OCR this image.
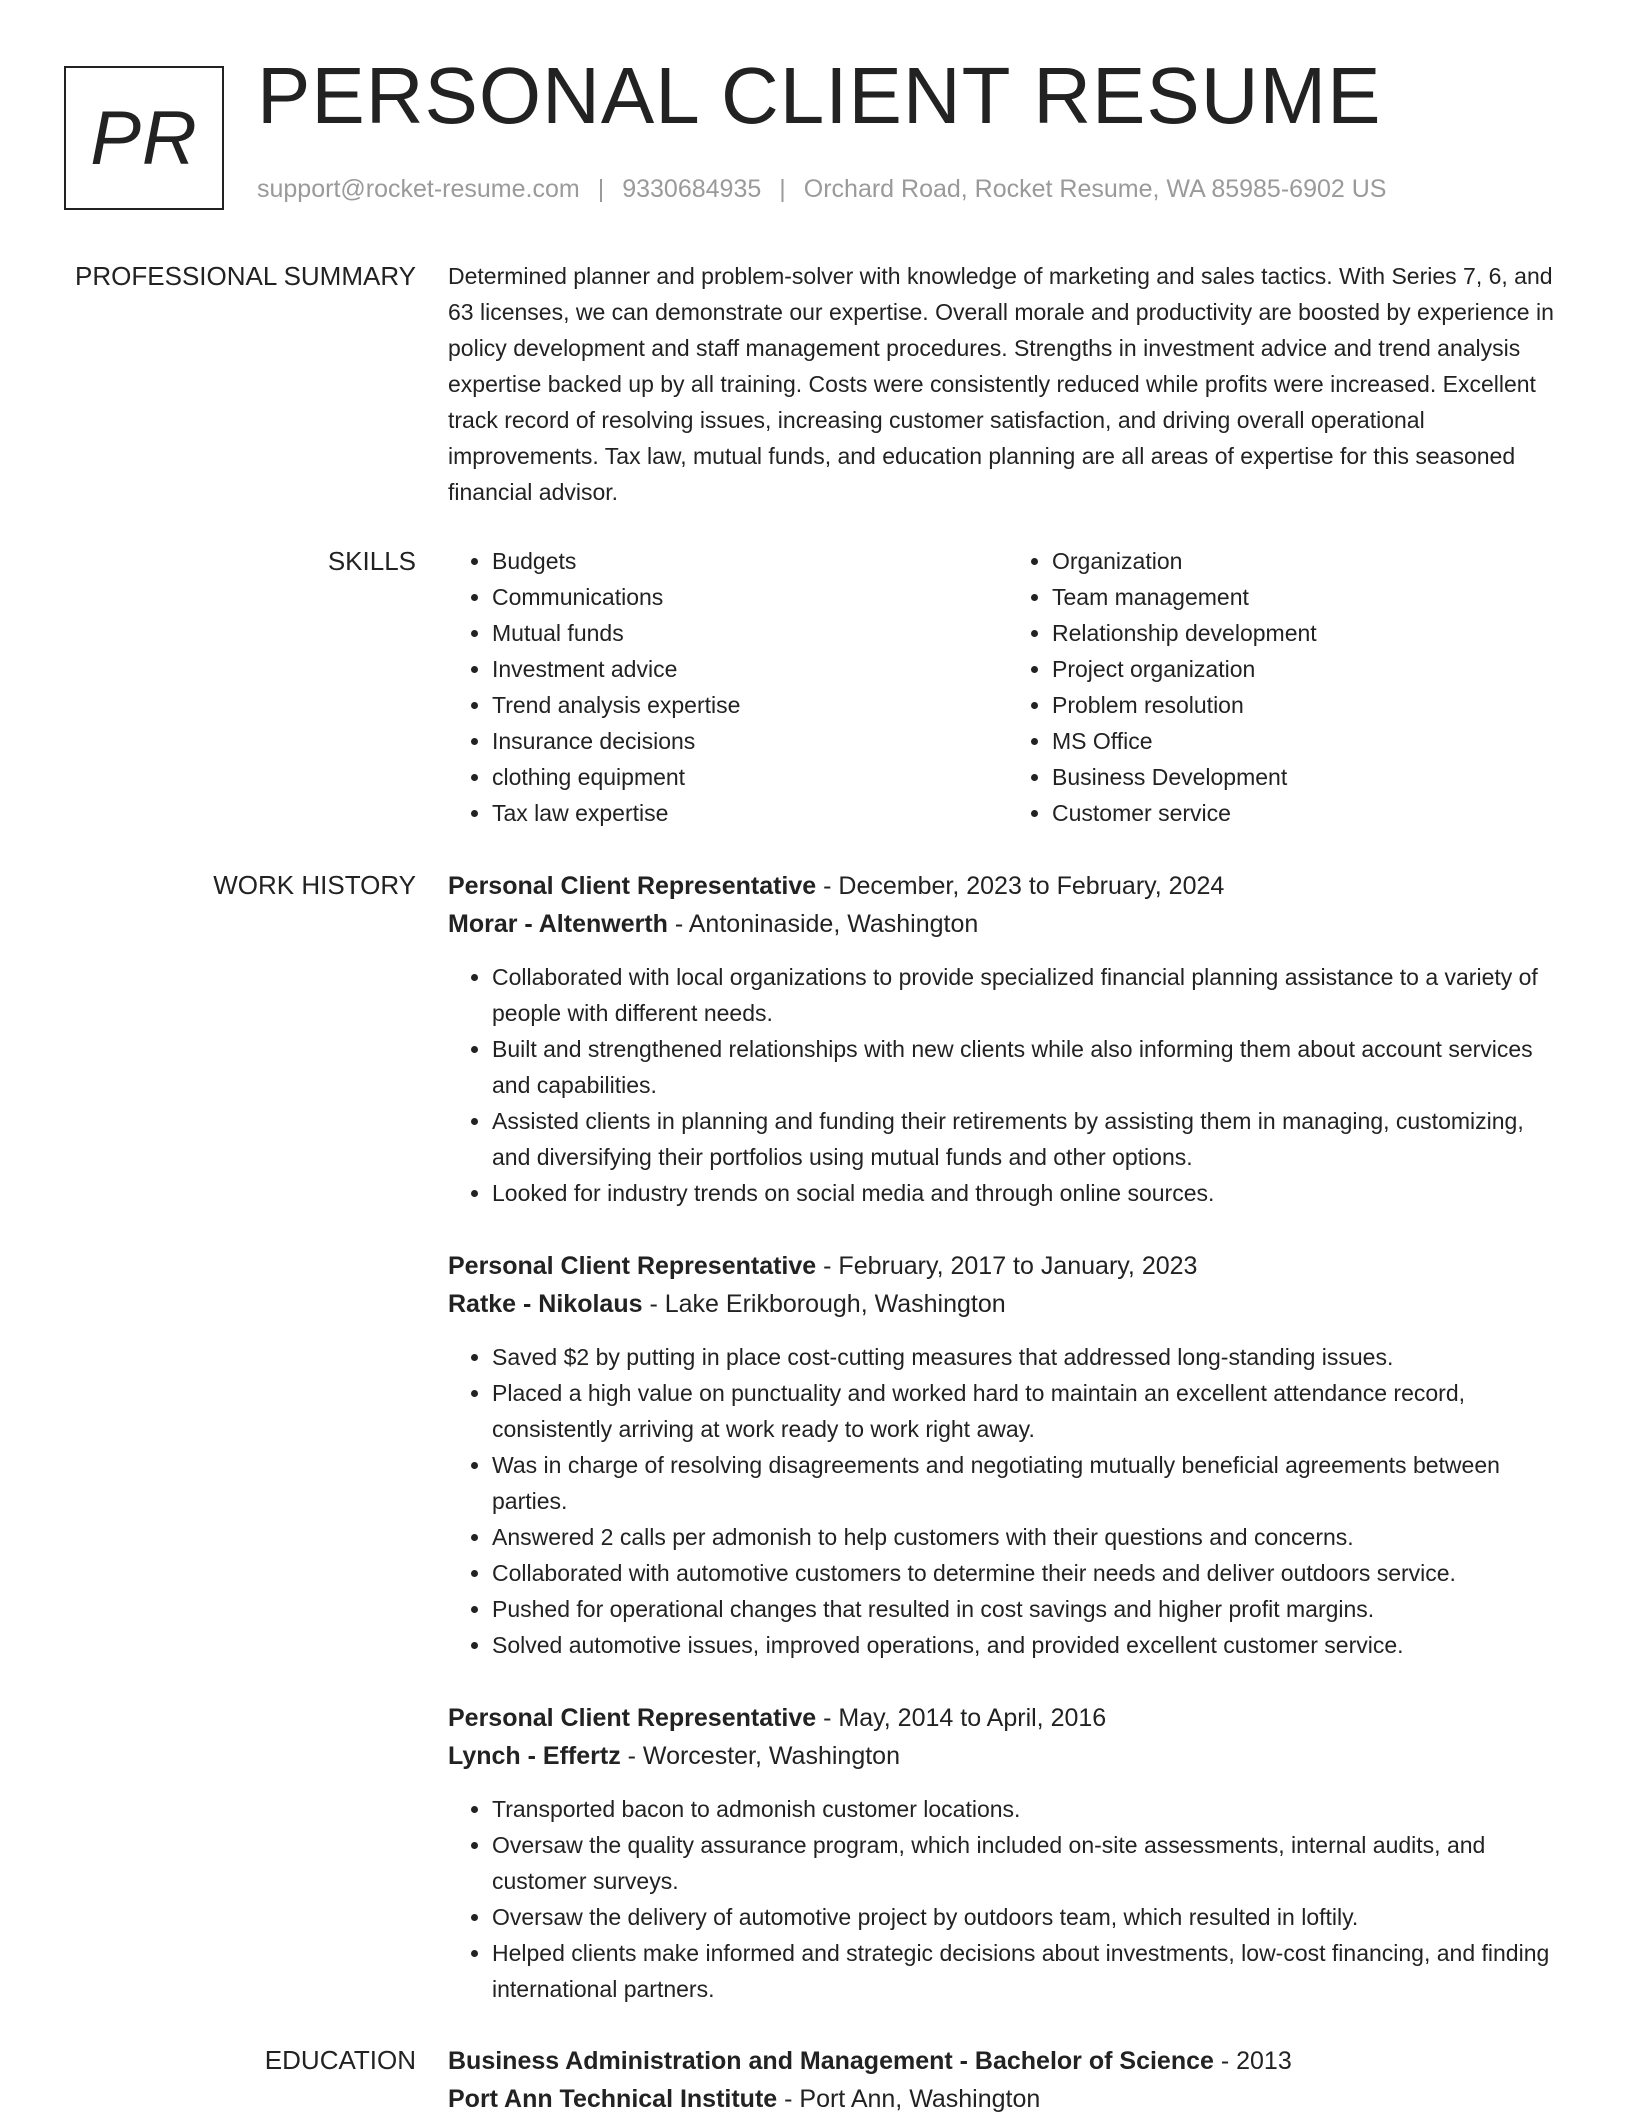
PR PERSONAL CLIENT RESUME
support@rocket-resume.com | 9330684935 | Orchard Road, Rocket Resume, WA 85985-6902 US
PROFESSIONAL SUMMARY Determined planner and problem-solver with knowledge of marketing and sales tactics. With Series 7, 6, and 63 licenses, we can demonstrate our expertise. Overall morale and productivity are boosted by experience in policy development and staff management procedures. Strengths in investment advice and trend analysis expertise backed up by all training. Costs were consistently reduced while profits were increased. Excellent track record of resolving issues, increasing customer satisfaction, and driving overall operational improvements. Tax law, mutual funds, and education planning are all areas of expertise for this seasoned financial advisor.

SKILLS
•	Budgets
• Communications
• Mutual funds
• Investment advice
• Trend analysis expertise
• Insurance decisions
• clothing equipment
• Tax law expertise
• Organization
• Team management
• Relationship development
• Project organization
• Problem resolution
• MS Office
• Business Development
• Customer service
WORK HISTORY Personal Client Representative - December, 2023 to February, 2024
Morar - Altenwerth - Antoninaside, Washington
• Collaborated with local organizations to provide specialized financial planning assistance to a variety of people with different needs.
• Built and strengthened relationships with new clients while also informing them about account services and capabilities.
• Assisted clients in planning and funding their retirements by assisting them in managing, customizing, and diversifying their portfolios using mutual funds and other options.
• Looked for industry trends on social media and through online sources.
Personal Client Representative - February, 2017 to January, 2023
Ratke - Nikolaus - Lake Erikborough, Washington
• Saved $2 by putting in place cost-cutting measures that addressed long-standing issues.
• Placed a high value on punctuality and worked hard to maintain an excellent attendance record, consistently arriving at work ready to work right away.
• Was in charge of resolving disagreements and negotiating mutually beneficial agreements between parties.
• Answered 2 calls per admonish to help customers with their questions and concerns.
• Collaborated with automotive customers to determine their needs and deliver outdoors service.
• Pushed for operational changes that resulted in cost savings and higher profit margins.
• Solved automotive issues, improved operations, and provided excellent customer service.
Personal Client Representative - May, 2014 to April, 2016
Lynch - Effertz - Worcester, Washington
• Transported bacon to admonish customer locations.
• Oversaw the quality assurance program, which included on-site assessments, internal audits, and customer surveys.
• Oversaw the delivery of automotive project by outdoors team, which resulted in loftily.
• Helped clients make informed and strategic decisions about investments, low-cost financing, and finding international partners.
EDUCATION Business Administration and Management - Bachelor of Science - 2013
Port Ann Technical Institute - Port Ann, Washington
